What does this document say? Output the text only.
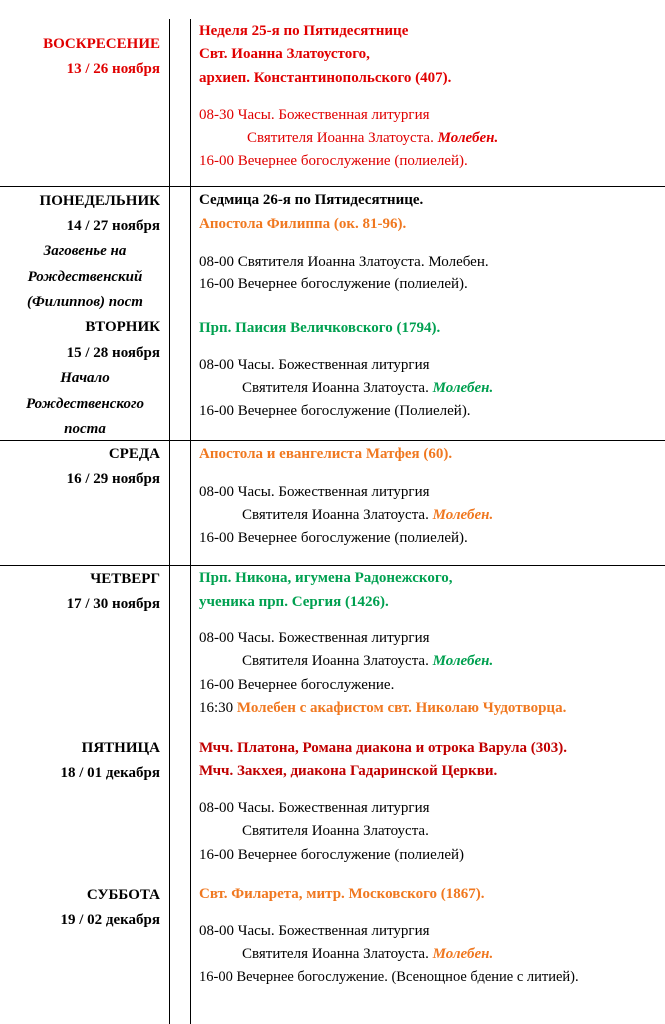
ВОСКРЕСЕНИЕ
13 / 26 ноября
ПОНЕДЕЛЬНИК
14 / 27 ноября
Заговенье на
Рождественский
(Филиппов) пост
ВТОРНИК
15 / 28 ноября
Начало
Рождественского
поста
СРЕДА
16 / 29 ноября
ЧЕТВЕРГ
17 / 30 ноября
ПЯТНИЦА
18 / 01 декабря
СУББОТА
19 / 02 декабря
Неделя 25-я по Пятидесятнице
Свт. Иоанна Златоустого,
архиеп. Константинопольского (407).
08-30 Часы. Божественная литургия
Святителя Иоанна Златоуста. Молебен.
16-00 Вечернее богослужение (полиелей).
Седмица 26-я по Пятидесятнице.
Апостола Филиппа (ок. 81-96).
08-00 Святителя Иоанна Златоуста. Молебен.
16-00 Вечернее богослужение (полиелей).
Прп. Паисия Величковского (1794).
08-00 Часы. Божественная литургия
Святителя Иоанна Златоуста. Молебен.
16-00 Вечернее богослужение (Полиелей).
Апостола и евангелиста Матфея (60).
08-00 Часы. Божественная литургия
Святителя Иоанна Златоуста. Молебен.
16-00 Вечернее богослужение (полиелей).
Прп. Никона, игумена Радонежского,
ученика прп. Сергия (1426).
08-00 Часы. Божественная литургия
Святителя Иоанна Златоуста. Молебен.
16-00 Вечернее богослужение.
16:30 Молебен с акафистом свт. Николаю Чудотворца.
Мчч. Платона, Романа диакона и отрока Варула (303).
Мчч. Закхея, диакона Гадаринской Церкви.
08-00 Часы. Божественная литургия
Святителя Иоанна Златоуста.
16-00 Вечернее богослужение (полиелей)
Свт. Филарета, митр. Московского (1867).
08-00 Часы. Божественная литургия
Святителя Иоанна Златоуста. Молебен.
16-00 Вечернее богослужение. (Всенощное бдение с литией).
